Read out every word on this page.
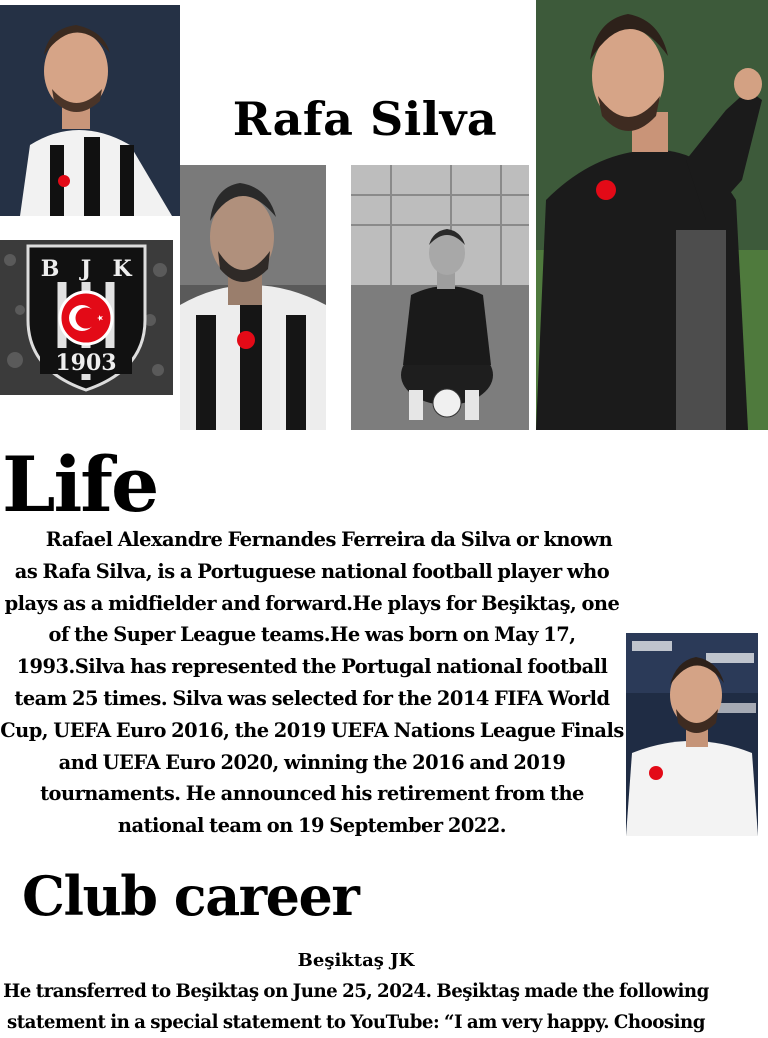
B J K
1903
Rafa Silva
Life
Rafael Alexandre Fernandes Ferreira da Silva or known as Rafa Silva, is a Portuguese national football player who plays as a midfielder and forward.He plays for Beşiktaş, one of the Super League teams.He was born on May 17, 1993.Silva has represented the Portugal national football team 25 times. Silva was selected for the 2014 FIFA World Cup, UEFA Euro 2016, the 2019 UEFA Nations League Finals and UEFA Euro 2020, winning the 2016 and 2019 tournaments. He announced his retirement from the national team on 19 September 2022.
Club career
Beşiktaş JK
He transferred to Beşiktaş on June 25, 2024. Beşiktaş made the following statement in a special statement to YouTube: “I am very happy. Choosing
